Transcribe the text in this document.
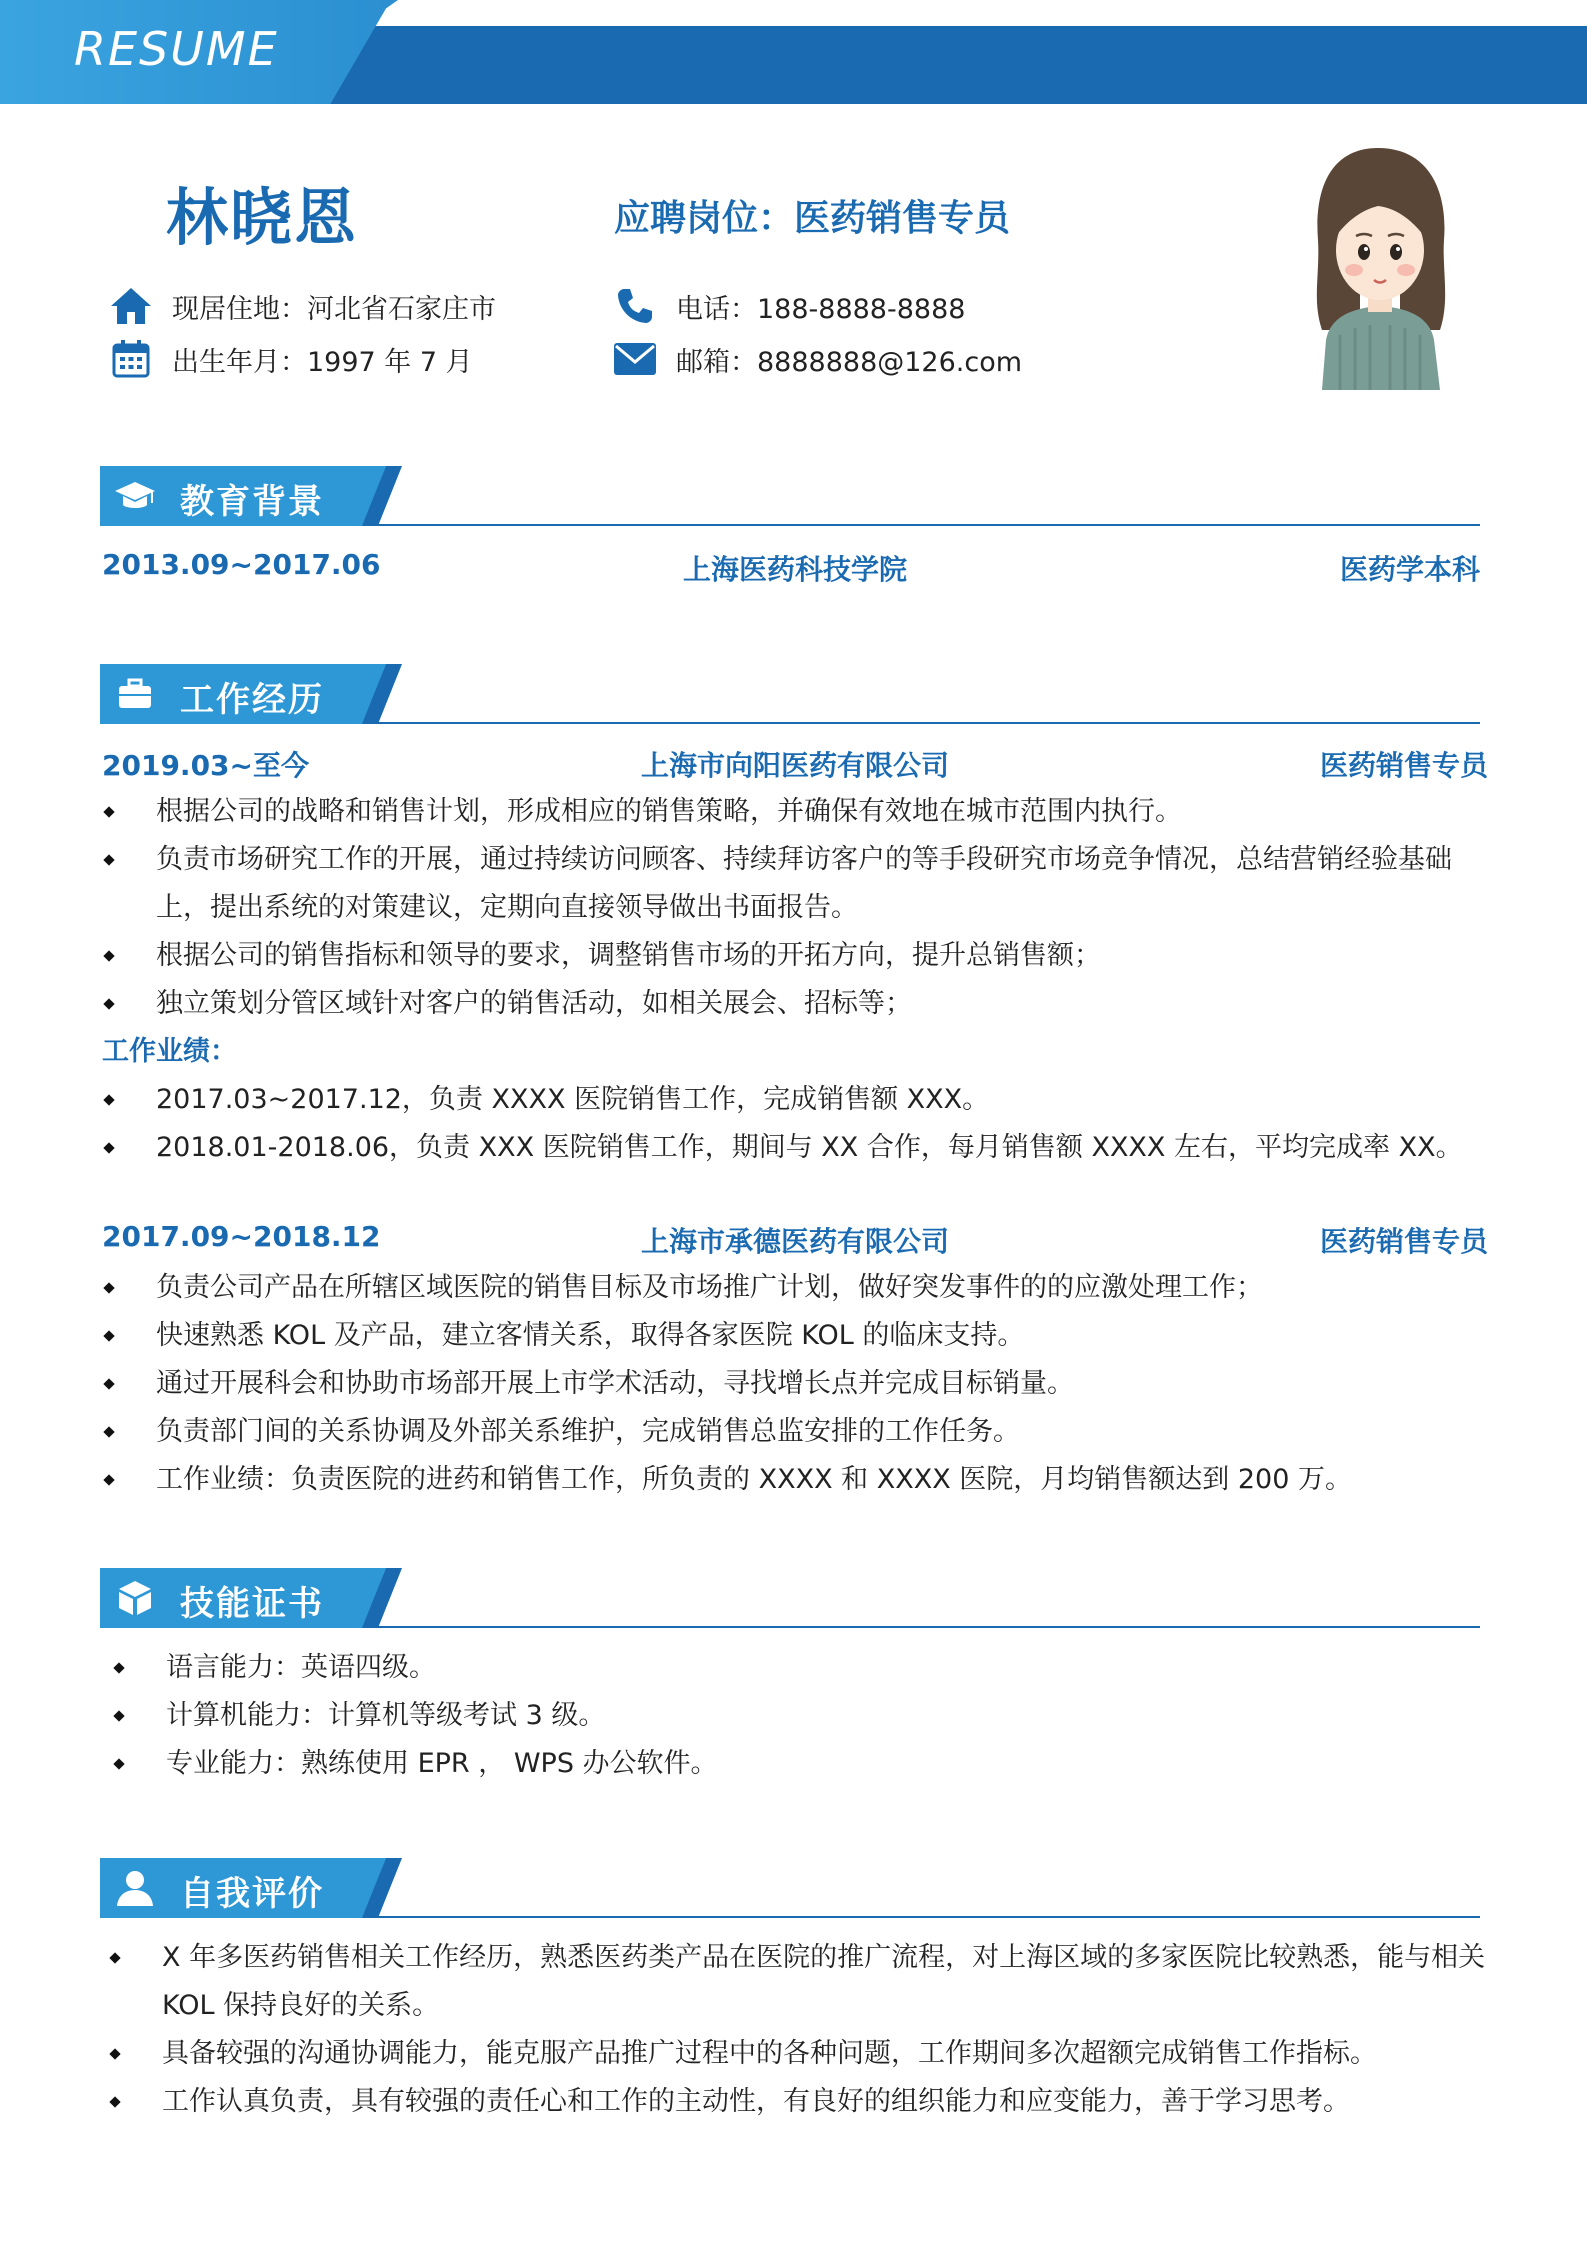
RESUME
林晓恩	应聘岗位：医药销售专员
现居住地：河北省石家庄市
出生年月：1997 年 7 月
电话：188-8888-8888
邮箱：8888888@126.com
教育背景
2013.09~2017.06	上海医药科技学院	医药学本科
工作经历
2019.03~至今	上海市向阳医药有限公司	医药销售专员
根据公司的战略和销售计划，形成相应的销售策略，并确保有效地在城市范围内执行。
负责市场研究工作的开展，通过持续访问顾客、持续拜访客户的等手段研究市场竞争情况，总结营销经验基础上，提出系统的对策建议，定期向直接领导做出书面报告。
根据公司的销售指标和领导的要求，调整销售市场的开拓方向，提升总销售额；
独立策划分管区域针对客户的销售活动，如相关展会、招标等；
工作业绩：
2017.03~2017.12，负责 XXXX 医院销售工作，完成销售额 XXX。
2018.01-2018.06，负责 XXX 医院销售工作，期间与 XX 合作，每月销售额 XXXX 左右，平均完成率 XX。
2017.09~2018.12	上海市承德医药有限公司	医药销售专员
负责公司产品在所辖区域医院的销售目标及市场推广计划，做好突发事件的的应激处理工作；
快速熟悉 KOL 及产品，建立客情关系，取得各家医院 KOL 的临床支持。
通过开展科会和协助市场部开展上市学术活动，寻找增长点并完成目标销量。
负责部门间的关系协调及外部关系维护，完成销售总监安排的工作任务。
工作业绩：负责医院的进药和销售工作，所负责的 XXXX 和 XXXX 医院，月均销售额达到 200 万。
技能证书
语言能力：英语四级。
计算机能力：计算机等级考试 3 级。
专业能力：熟练使用 EPR ， WPS 办公软件。
自我评价
X 年多医药销售相关工作经历，熟悉医药类产品在医院的推广流程，对上海区域的多家医院比较熟悉，能与相关 KOL 保持良好的关系。
具备较强的沟通协调能力，能克服产品推广过程中的各种问题，工作期间多次超额完成销售工作指标。
工作认真负责，具有较强的责任心和工作的主动性，有良好的组织能力和应变能力，善于学习思考。
